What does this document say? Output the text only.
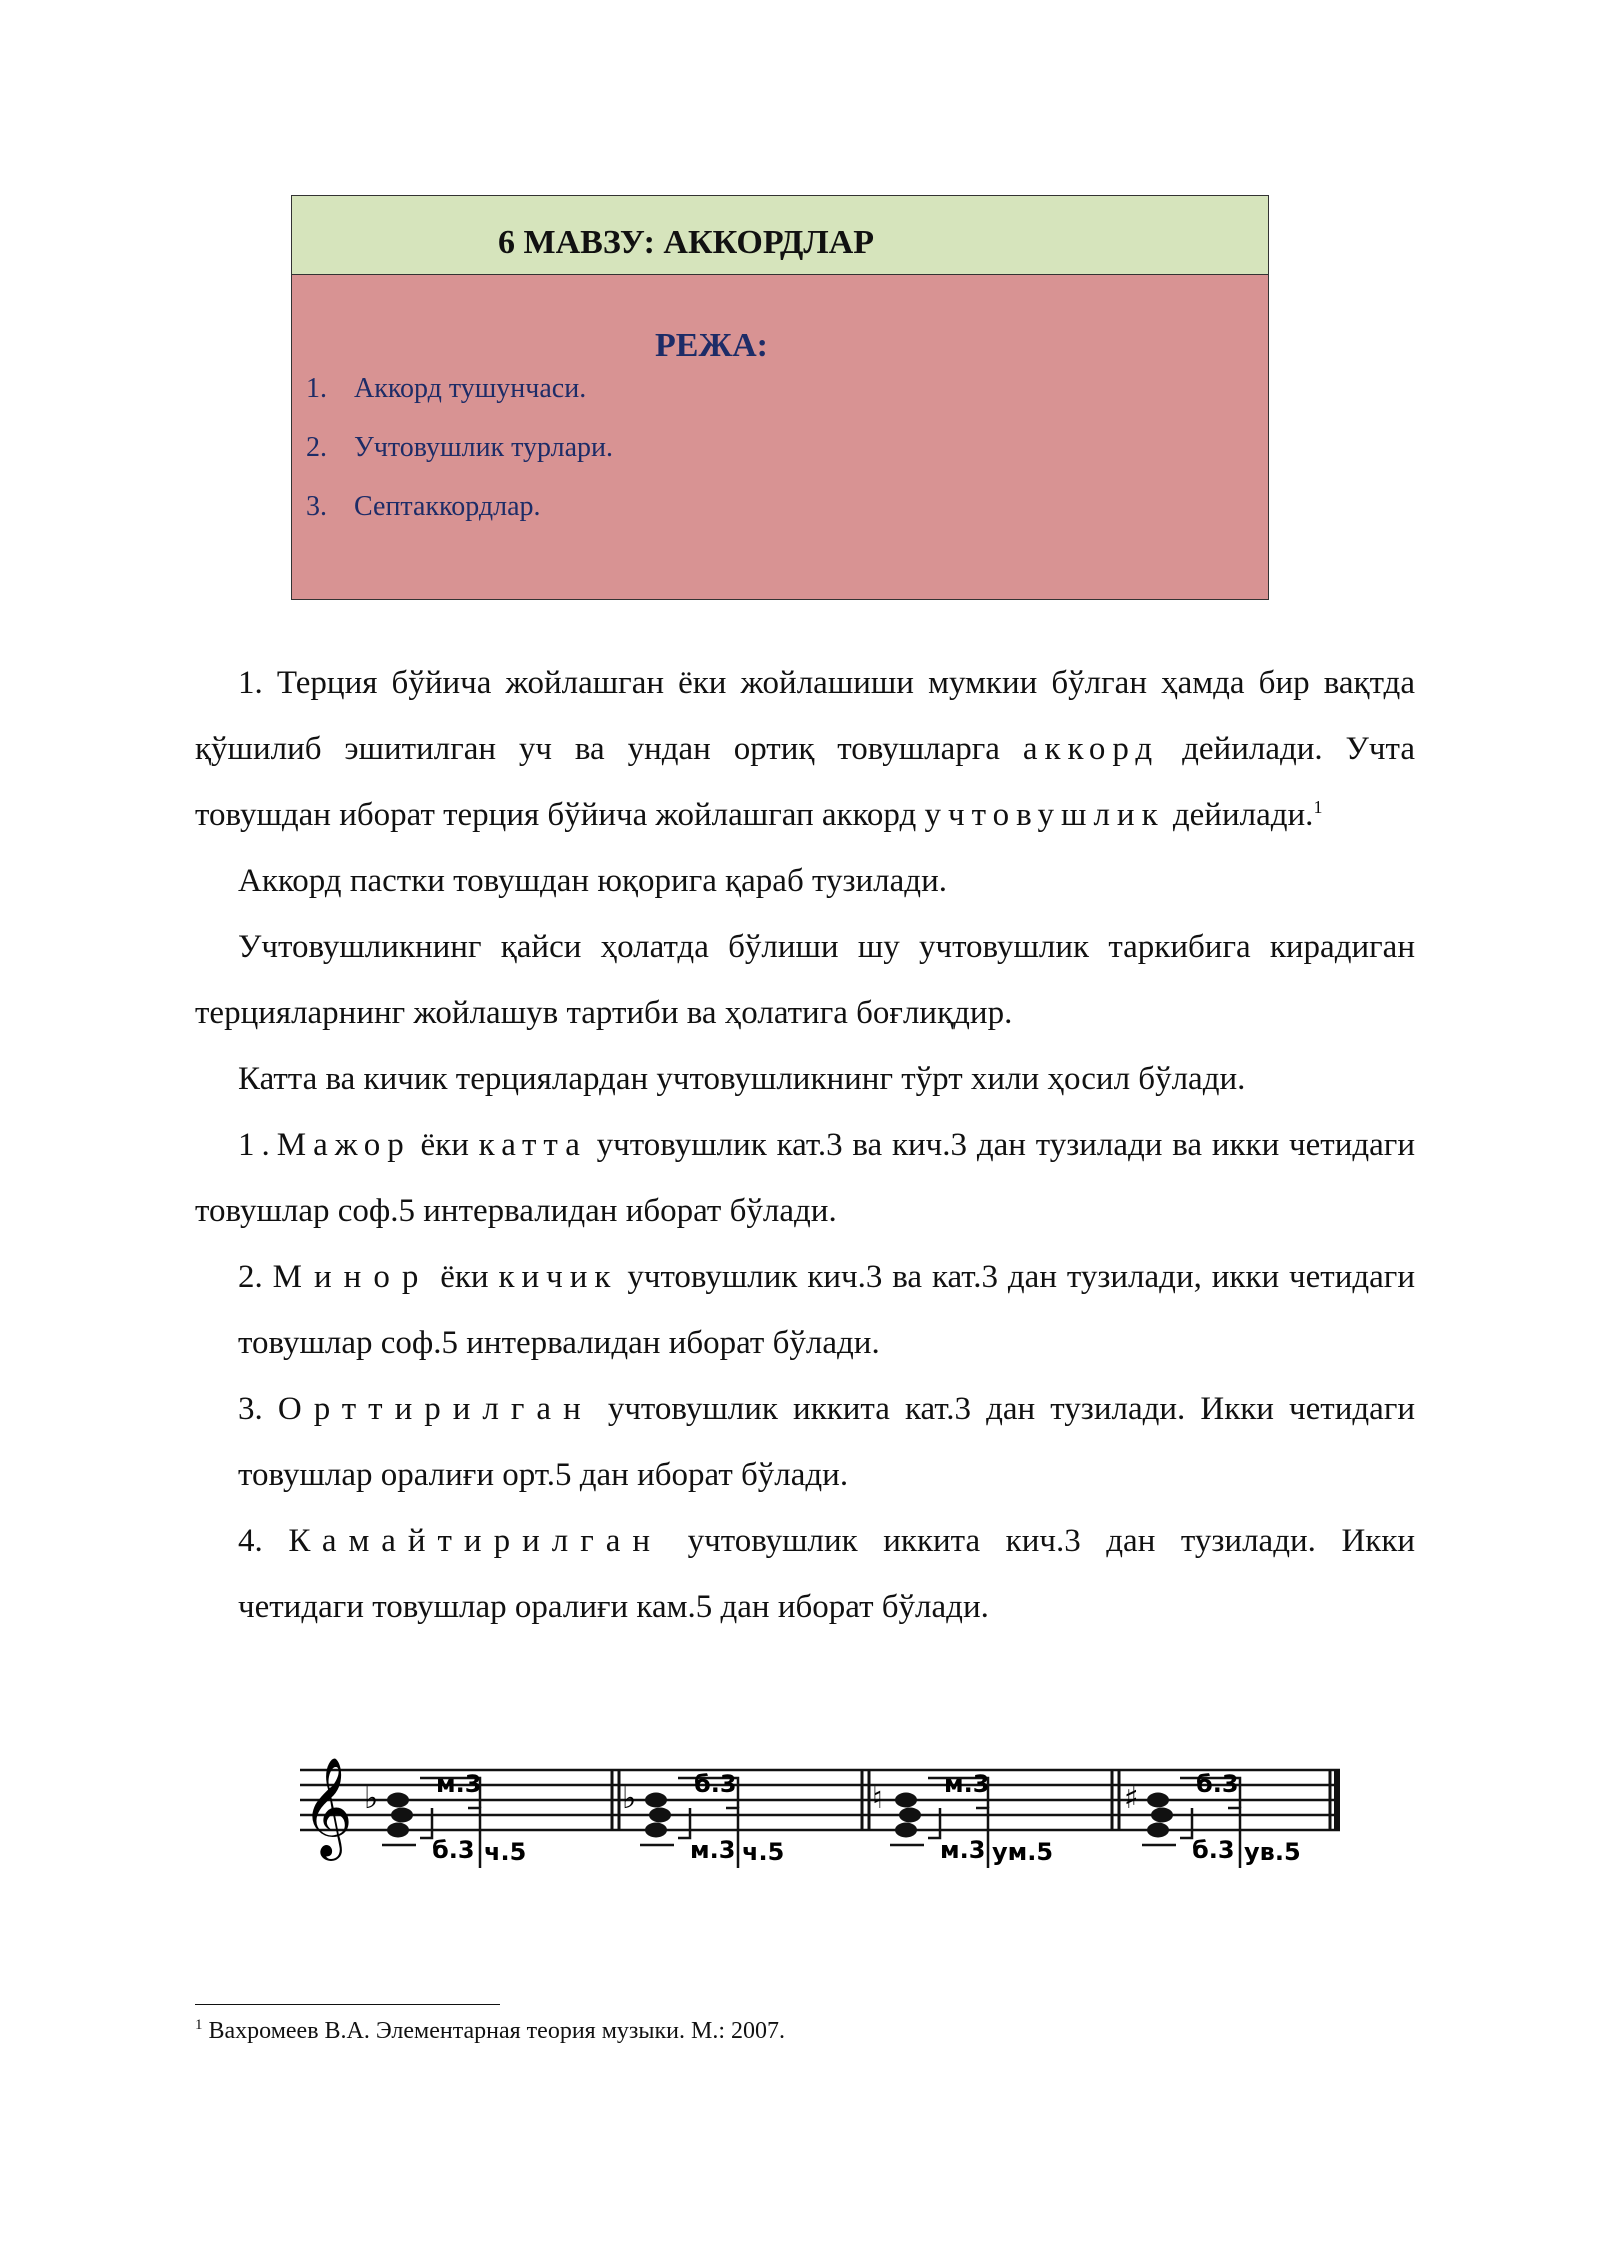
6 МАВЗУ: АККОРДЛАР
РЕЖА:
1. Аккорд тушунчаси.
2. Учтовушлик турлари.
3. Септаккордлар.

1. Терция бўйича жойлашган ёки жойлашиши мумкии бўлган ҳамда бир вақтда қўшилиб эшитилган уч ва ундан ортиқ товушларга аккорд дейилади. Учта товушдан иборат терция бўйича жойлашгап аккорд учтовушлик дейилади.$^1$

Аккорд пастки товушдан юқорига қараб тузилади.

Учтовушликнинг қайси ҳолатда бўлиши шу учтовушлик таркибига кирадиган терцияларнинг жойлашув тартиби ва ҳолатига боғлиқдир.

Катта ва кичик терциялардан учтовушликнинг тўрт хили ҳосил бўлади.

1.Мажор ёки катта учтовушлик кат.3 ва кич.3 дан тузилади ва икки четидаги товушлар соф.5 интервалидан иборат бўлади.

2. Минор ёки кичик учтовушлик кич.3 ва кат.3 дан тузилади, икки четидаги товушлар соф.5 интервалидан иборат бўлади.

3. Орттирилган учтовушлик иккита кат.3 дан тузилади. Икки четидаги товушлар оралиғи орт.5 дан иборат бўлади.

4. Камайтирилган учтовушлик иккита кич.3 дан тузилади. Икки четидаги товушлар оралиғи кам.5 дан иборат бўлади.

𝄞 ♭ м.3
б.3 ч.5
♭ б.3
м.3 ч.5
♮	м.3
м.3 ум.5
♯ б.3
б.3 ув.5
$^1$ Вахромеев В.А. Элементарная теория музыки. М.: 2007.
